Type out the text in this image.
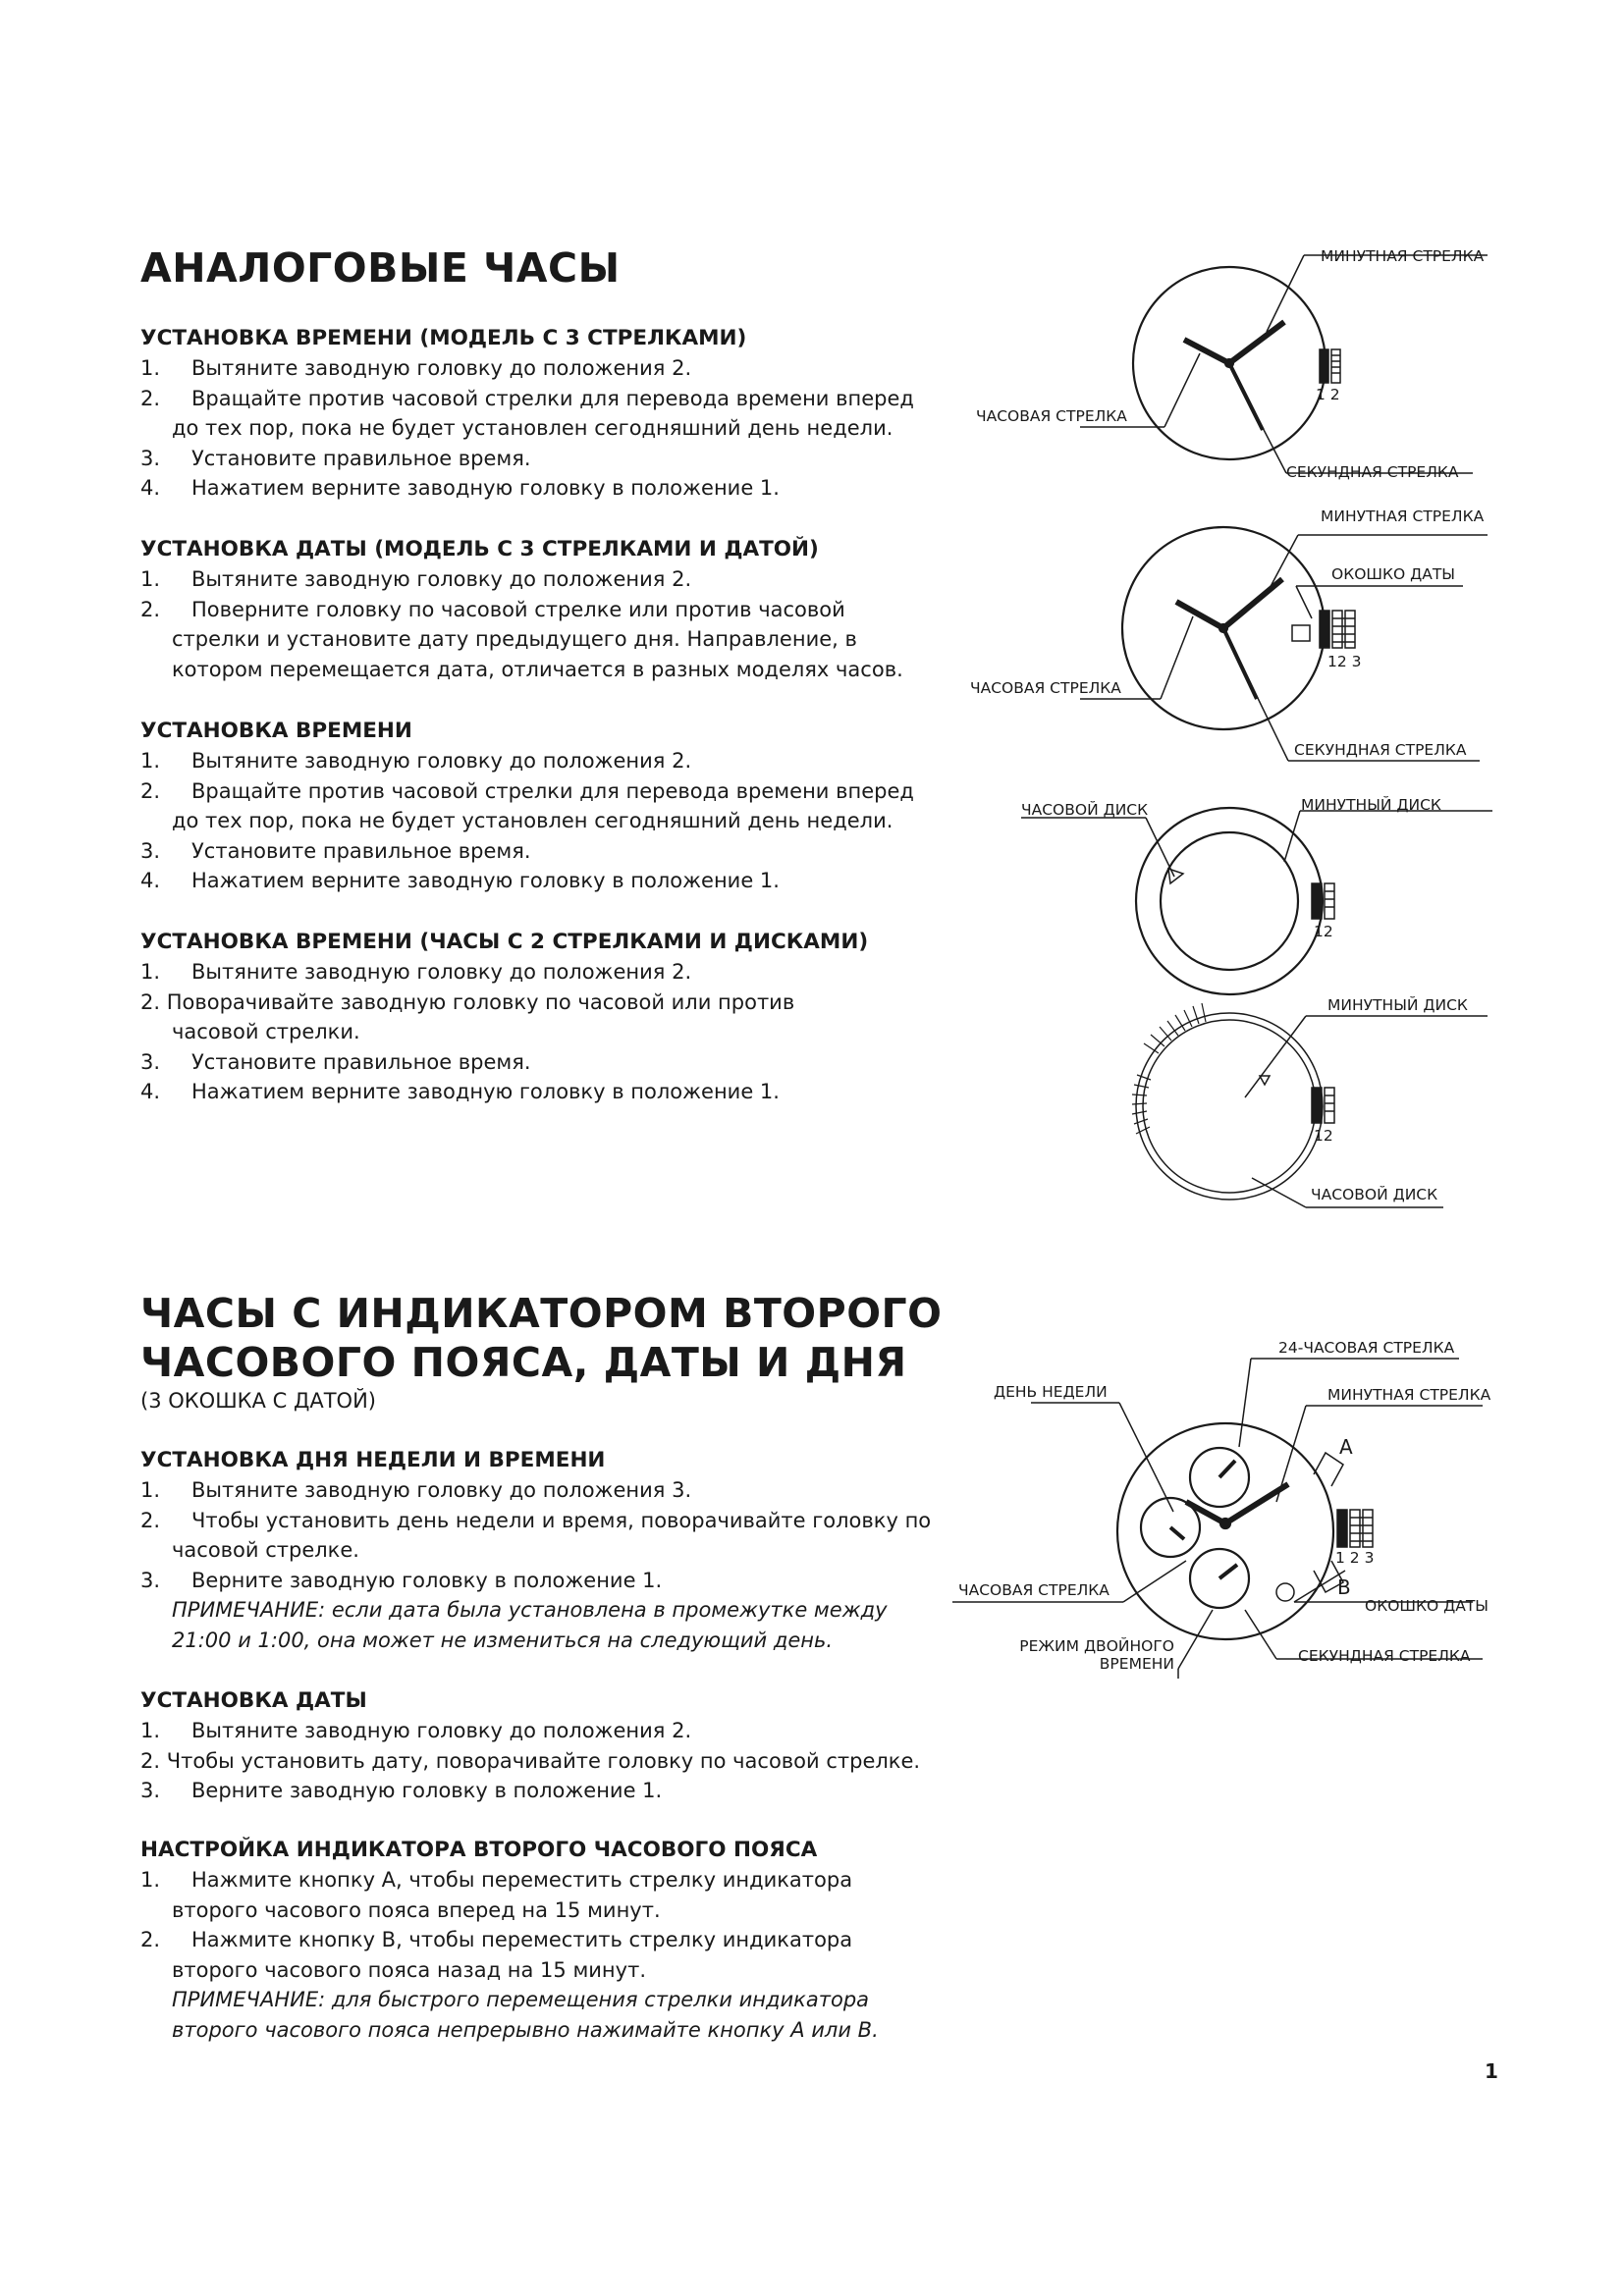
АНАЛОГОВЫЕ ЧАСЫ
УСТАНОВКА ВРЕМЕНИ (МОДЕЛЬ С 3 СТРЕЛКАМИ)
1. Вытяните заводную головку до положения 2.
2. Вращайте против часовой стрелки для перевода времени вперед
до тех пор, пока не будет установлен сегодняшний день недели.
3. Установите правильное время.
4. Нажатием верните заводную головку в положение 1.
УСТАНОВКА ДАТЫ (МОДЕЛЬ С 3 СТРЕЛКАМИ И ДАТОЙ)
1. Вытяните заводную головку до положения 2.
2. Поверните головку по часовой стрелке или против часовой
стрелки и установите дату предыдущего дня. Направление, в
котором перемещается дата, отличается в разных моделях часов.
УСТАНОВКА ВРЕМЕНИ
1. Вытяните заводную головку до положения 2.
2. Вращайте против часовой стрелки для перевода времени вперед
до тех пор, пока не будет установлен сегодняшний день недели.
3. Установите правильное время.
4. Нажатием верните заводную головку в положение 1.
УСТАНОВКА ВРЕМЕНИ (ЧАСЫ С 2 СТРЕЛКАМИ И ДИСКАМИ)
1. Вытяните заводную головку до положения 2.
2. Поворачивайте заводную головку по часовой или против
часовой стрелки.
3. Установите правильное время.
4. Нажатием верните заводную головку в положение 1.
ЧАСЫ С ИНДИКАТОРОМ ВТОРОГО
ЧАСОВОГО ПОЯСА, ДАТЫ И ДНЯ
(3 ОКОШКА С ДАТОЙ)
УСТАНОВКА ДНЯ НЕДЕЛИ И ВРЕМЕНИ
1. Вытяните заводную головку до положения 3.
2. Чтобы установить день недели и время, поворачивайте головку по
часовой стрелке.
3. Верните заводную головку в положение 1.
ПРИМЕЧАНИЕ: если дата была установлена в промежутке между
21:00 и 1:00, она может не измениться на следующий день.
УСТАНОВКА ДАТЫ
1. Вытяните заводную головку до положения 2.
2. Чтобы установить дату, поворачивайте головку по часовой стрелке.
3. Верните заводную головку в положение 1.
НАСТРОЙКА ИНДИКАТОРА ВТОРОГО ЧАСОВОГО ПОЯСА
1. Нажмите кнопку А, чтобы переместить стрелку индикатора
второго часового пояса вперед на 15 минут.
2. Нажмите кнопку В, чтобы переместить стрелку индикатора
второго часового пояса назад на 15 минут.
ПРИМЕЧАНИЕ: для быстрого перемещения стрелки индикатора
второго часового пояса непрерывно нажимайте кнопку А или В.
1
МИНУТНАЯ СТРЕЛКА
ЧАСОВАЯ СТРЕЛКА
СЕКУНДНАЯ СТРЕЛКА
1 2
МИНУТНАЯ СТРЕЛКА
ОКОШКО ДАТЫ
ЧАСОВАЯ СТРЕЛКА
СЕКУНДНАЯ СТРЕЛКА
12 3
ЧАСОВОЙ ДИСК	МИНУТНЫЙ ДИСК
12
МИНУТНЫЙ ДИСК
ЧАСОВОЙ ДИСК
12
24-ЧАСОВАЯ СТРЕЛКА
ДЕНЬ НЕДЕЛИ	МИНУТНАЯ СТРЕЛКА
А
В
1 2 3
ЧАСОВАЯ СТРЕЛКА
ОКОШКО ДАТЫ
РЕЖИМ ДВОЙНОГО
ВРЕМЕНИ	СЕКУНДНАЯ СТРЕЛКА
